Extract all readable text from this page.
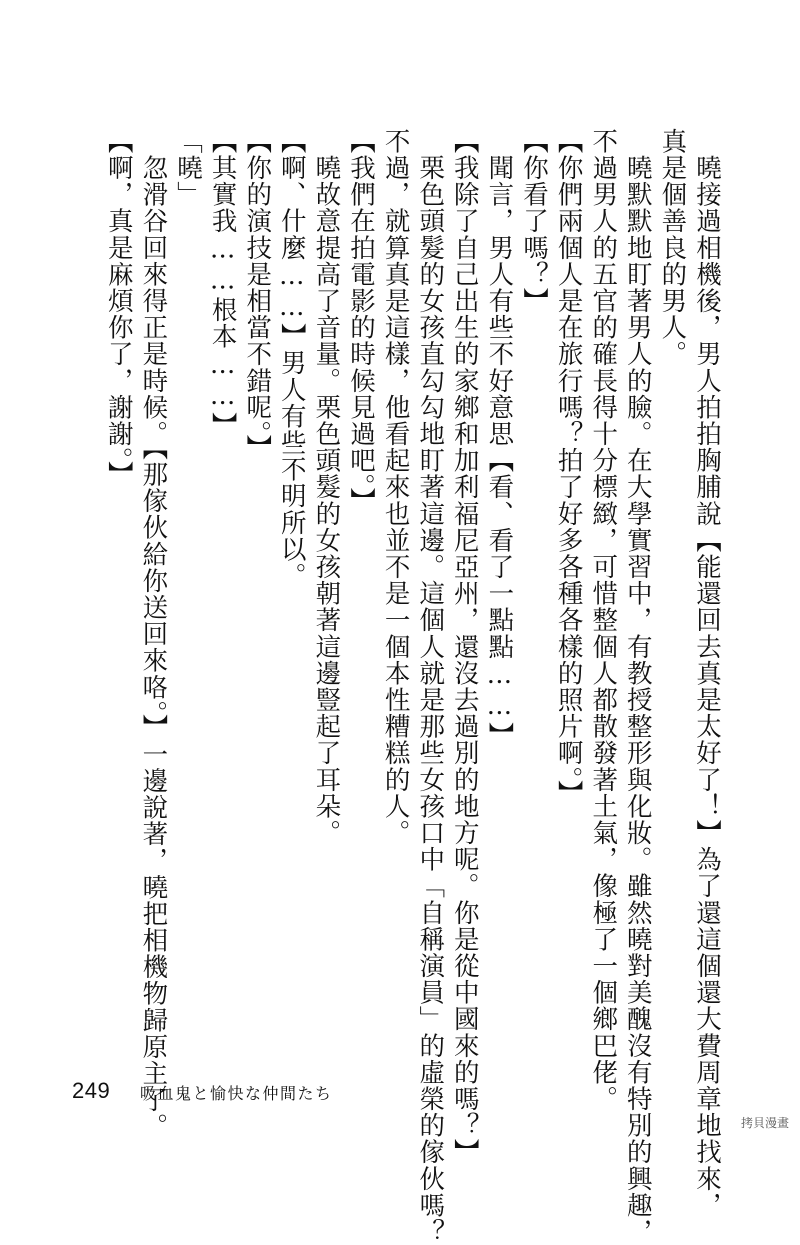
　曉接過相機後，男人拍拍胸脯說【能還回去真是太好了！】為了還這個還大費周章地找來，

真是個善良的男人。

　曉默默地盯著男人的臉。在大學實習中，有教授整形與化妝。雖然曉對美醜沒有特別的興趣，

不過男人的五官的確長得十分標緻，可惜整個人都散發著土氣，像極了一個鄉巴佬。

【你們兩個人是在旅行嗎？拍了好多各種各樣的照片啊。】

【你看了嗎？】

　聞言，男人有些不好意思【看、看了一點點……】

【我除了自己出生的家鄉和加利福尼亞州，還沒去過別的地方呢。你是從中國來的嗎？】

　栗色頭髮的女孩直勾勾地盯著這邊。這個人就是那些女孩口中「自稱演員」的虛榮的傢伙嗎？

不過，就算真是這樣，他看起來也並不是一個本性糟糕的人。

【我們在拍電影的時候見過吧。】

　曉故意提高了音量。栗色頭髮的女孩朝著這邊豎起了耳朵。

【啊、什麼……】男人有些不明所以。

【你的演技是相當不錯呢。】

【其實我……根本……】

「曉」

　忽滑谷回來得正是時候。【那傢伙給你送回來咯。】一邊說著，曉把相機物歸原主了。

【啊，真是麻煩你了，謝謝。】

249 吸血鬼と愉快な仲間たち
拷貝漫畫
